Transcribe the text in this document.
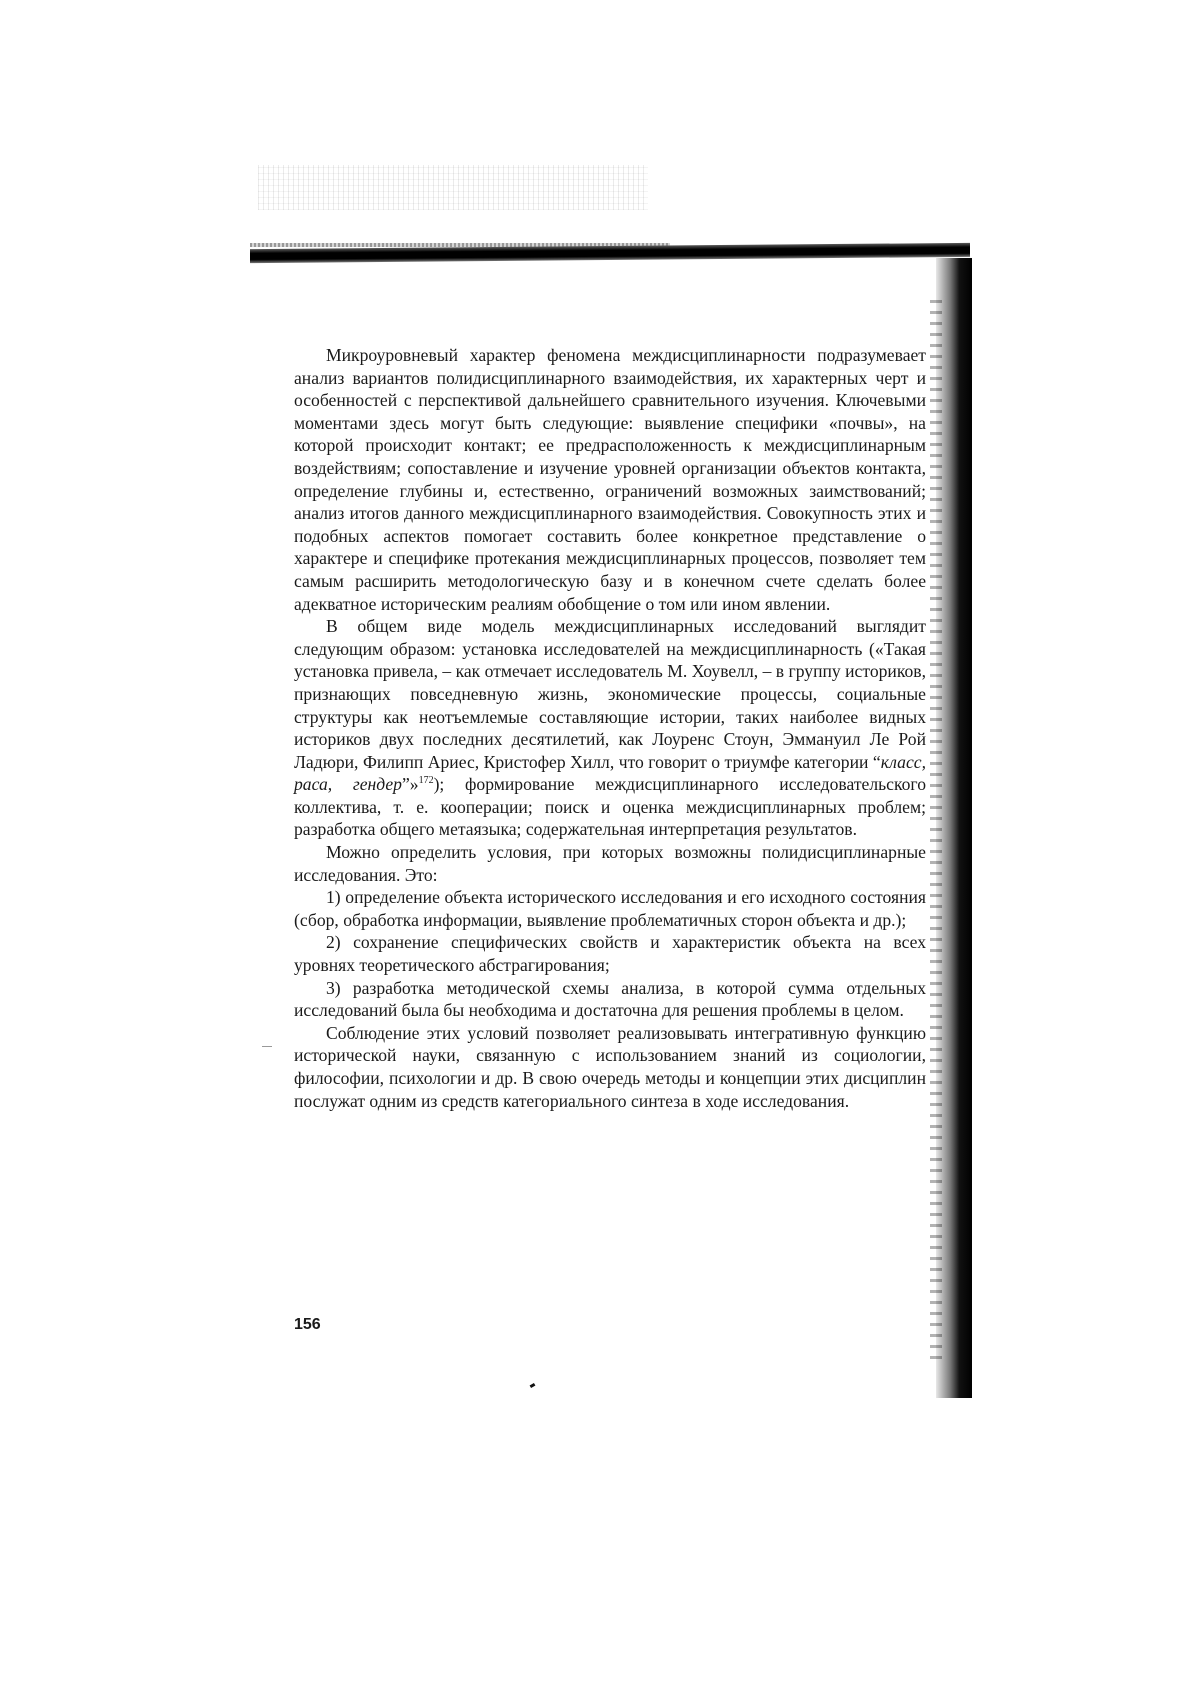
Микроуровневый характер феномена междисциплинарности подразумевает анализ вариантов полидисциплинарного взаимодействия, их характерных черт и особенностей с перспективой дальнейшего сравнительного изучения. Ключевыми моментами здесь могут быть следующие: выявление специфики «почвы», на которой происходит контакт; ее предрасположенность к междисциплинарным воздействиям; сопоставление и изучение уровней организации объектов контакта, определение глубины и, естественно, ограничений возможных заимствований; анализ итогов данного междисциплинарного взаимодействия. Совокупность этих и подобных аспектов помогает составить более конкретное представление о характере и специфике протекания междисциплинарных процессов, позволяет тем самым расширить методологическую базу и в конечном счете сделать более адекватное историческим реалиям обобщение о том или ином явлении.

В общем виде модель междисциплинарных исследований выглядит следующим образом: установка исследователей на междисциплинарность («Такая установка привела, – как отмечает исследователь М. Хоувелл, – в группу историков, признающих повседневную жизнь, экономические процессы, социальные структуры как неотъемлемые составляющие истории, таких наиболее видных историков двух последних десятилетий, как Лоуренс Стоун, Эммануил Ле Рой Ладюри, Филипп Ариес, Кристофер Хилл, что говорит о триумфе категории “класс, раса, гендер”»$^{172}$); формирование междисциплинарного исследовательского коллектива, т. е. кооперации; поиск и оценка междисциплинарных проблем; разработка общего метаязыка; содержательная интерпретация результатов.

Можно определить условия, при которых возможны полидисциплинарные исследования. Это:

1) определение объекта исторического исследования и его исходного состояния (сбор, обработка информации, выявление проблематичных сторон объекта и др.);

2) сохранение специфических свойств и характеристик объекта на всех уровнях теоретического абстрагирования;

3) разработка методической схемы анализа, в которой сумма отдельных исследований была бы необходима и достаточна для решения проблемы в целом.

Соблюдение этих условий позволяет реализовывать интегративную функцию исторической науки, связанную с использованием знаний из социологии, философии, психологии и др. В свою очередь методы и концепции этих дисциплин послужат одним из средств категориального синтеза в ходе исследования.

156
